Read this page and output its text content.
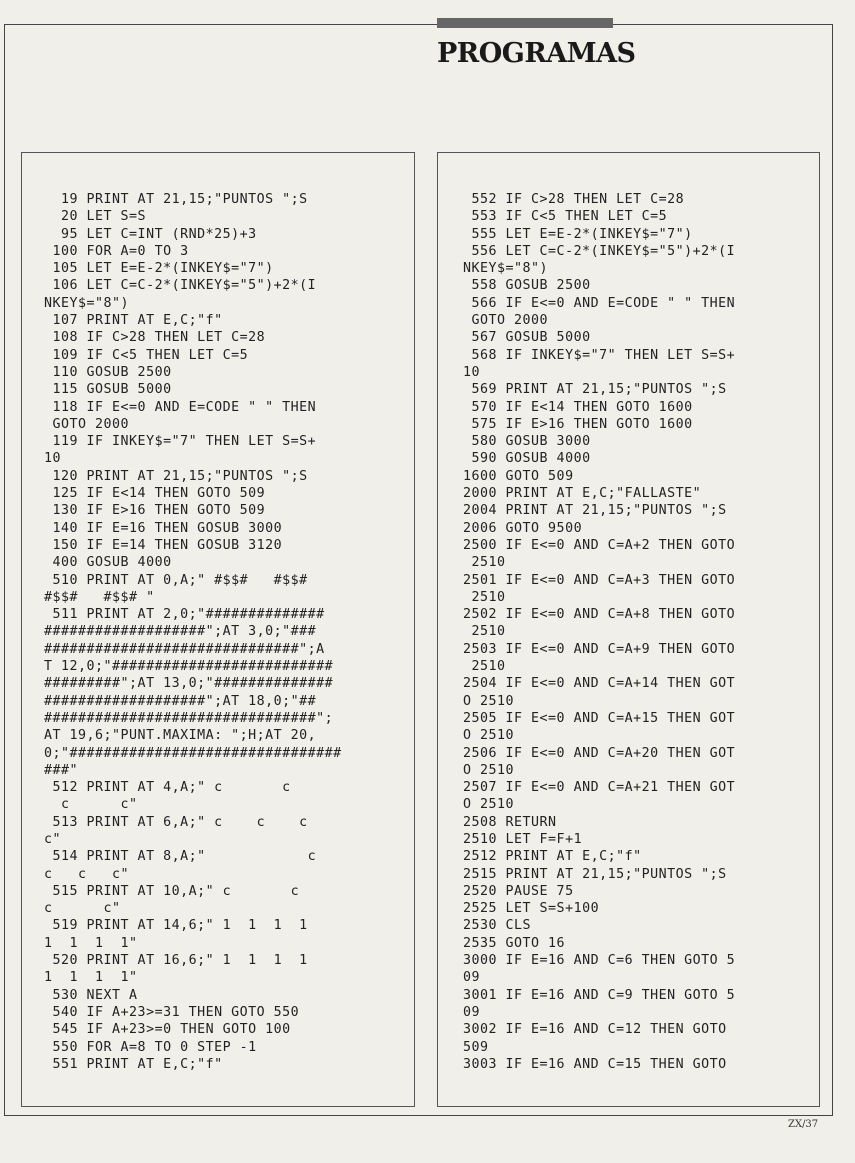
PROGRAMAS
19 PRINT AT 21,15;"PUNTOS ";S
20 LET S=S
95 LET C=INT (RND*25)+3
100 FOR A=0 TO 3
105 LET E=E-2*(INKEY$="7")
106 LET C=C-2*(INKEY$="5")+2*(I
NKEY$="8")
107 PRINT AT E,C;"f"
108 IF C>28 THEN LET C=28
109 IF C<5 THEN LET C=5
110 GOSUB 2500
115 GOSUB 5000
118 IF E<=0 AND E=CODE " " THEN
GOTO 2000
119 IF INKEY$="7" THEN LET S=S+
10
120 PRINT AT 21,15;"PUNTOS ";S
125 IF E<14 THEN GOTO 509
130 IF E>16 THEN GOTO 509
140 IF E=16 THEN GOSUB 3000
150 IF E=14 THEN GOSUB 3120
400 GOSUB 4000
510 PRINT AT 0,A;" #$$#   #$$#
#$$#   #$$# "
511 PRINT AT 2,0;"##############
###################";AT 3,0;"###
##############################";A
T 12,0;"##########################
#########";AT 13,0;"##############
###################";AT 18,0;"##
################################";
AT 19,6;"PUNT.MAXIMA: ";H;AT 20,
0;"################################
###"
512 PRINT AT 4,A;" c       c
c      c"
513 PRINT AT 6,A;" c    c    c
c"
514 PRINT AT 8,A;"            c
c   c   c"
515 PRINT AT 10,A;" c       c
c      c"
519 PRINT AT 14,6;" 1  1  1  1
1  1  1  1"
520 PRINT AT 16,6;" 1  1  1  1
1  1  1  1"
530 NEXT A
540 IF A+23>=31 THEN GOTO 550
545 IF A+23>=0 THEN GOTO 100
550 FOR A=8 TO 0 STEP -1
551 PRINT AT E,C;"f"
552 IF C>28 THEN LET C=28
553 IF C<5 THEN LET C=5
555 LET E=E-2*(INKEY$="7")
556 LET C=C-2*(INKEY$="5")+2*(I
NKEY$="8")
558 GOSUB 2500
566 IF E<=0 AND E=CODE " " THEN
GOTO 2000
567 GOSUB 5000
568 IF INKEY$="7" THEN LET S=S+
10
569 PRINT AT 21,15;"PUNTOS ";S
570 IF E<14 THEN GOTO 1600
575 IF E>16 THEN GOTO 1600
580 GOSUB 3000
590 GOSUB 4000
1600 GOTO 509
2000 PRINT AT E,C;"FALLASTE"
2004 PRINT AT 21,15;"PUNTOS ";S
2006 GOTO 9500
2500 IF E<=0 AND C=A+2 THEN GOTO
2510
2501 IF E<=0 AND C=A+3 THEN GOTO
2510
2502 IF E<=0 AND C=A+8 THEN GOTO
2510
2503 IF E<=0 AND C=A+9 THEN GOTO
2510
2504 IF E<=0 AND C=A+14 THEN GOT
O 2510
2505 IF E<=0 AND C=A+15 THEN GOT
O 2510
2506 IF E<=0 AND C=A+20 THEN GOT
O 2510
2507 IF E<=0 AND C=A+21 THEN GOT
O 2510
2508 RETURN
2510 LET F=F+1
2512 PRINT AT E,C;"f"
2515 PRINT AT 21,15;"PUNTOS ";S
2520 PAUSE 75
2525 LET S=S+100
2530 CLS
2535 GOTO 16
3000 IF E=16 AND C=6 THEN GOTO 5
09
3001 IF E=16 AND C=9 THEN GOTO 5
09
3002 IF E=16 AND C=12 THEN GOTO
509
3003 IF E=16 AND C=15 THEN GOTO
ZX/37
